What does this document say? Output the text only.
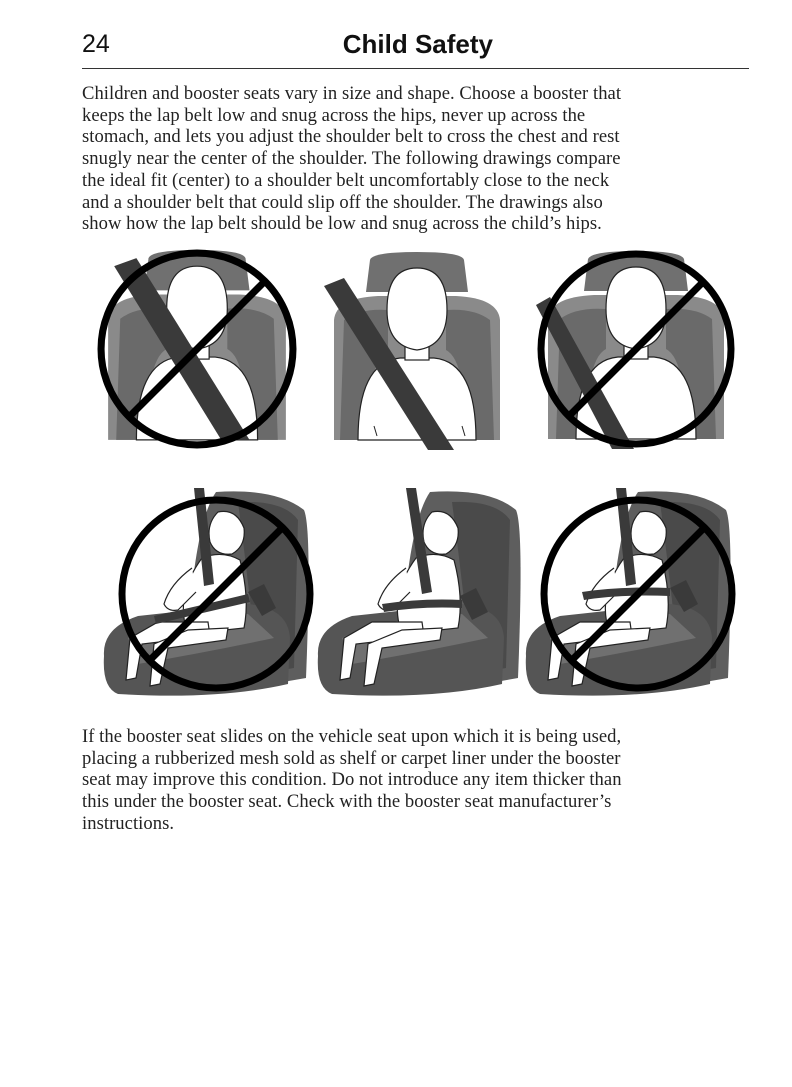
24	Child Safety

Children and booster seats vary in size and shape. Choose a booster that
keeps the lap belt low and snug across the hips, never up across the
stomach, and lets you adjust the shoulder belt to cross the chest and rest
snugly near the center of the shoulder. The following drawings compare
the ideal fit (center) to a shoulder belt uncomfortably close to the neck
and a shoulder belt that could slip off the shoulder. The drawings also
show how the lap belt should be low and snug across the child’s hips.

If the booster seat slides on the vehicle seat upon which it is being used,
placing a rubberized mesh sold as shelf or carpet liner under the booster
seat may improve this condition. Do not introduce any item thicker than
this under the booster seat. Check with the booster seat manufacturer’s
instructions.
